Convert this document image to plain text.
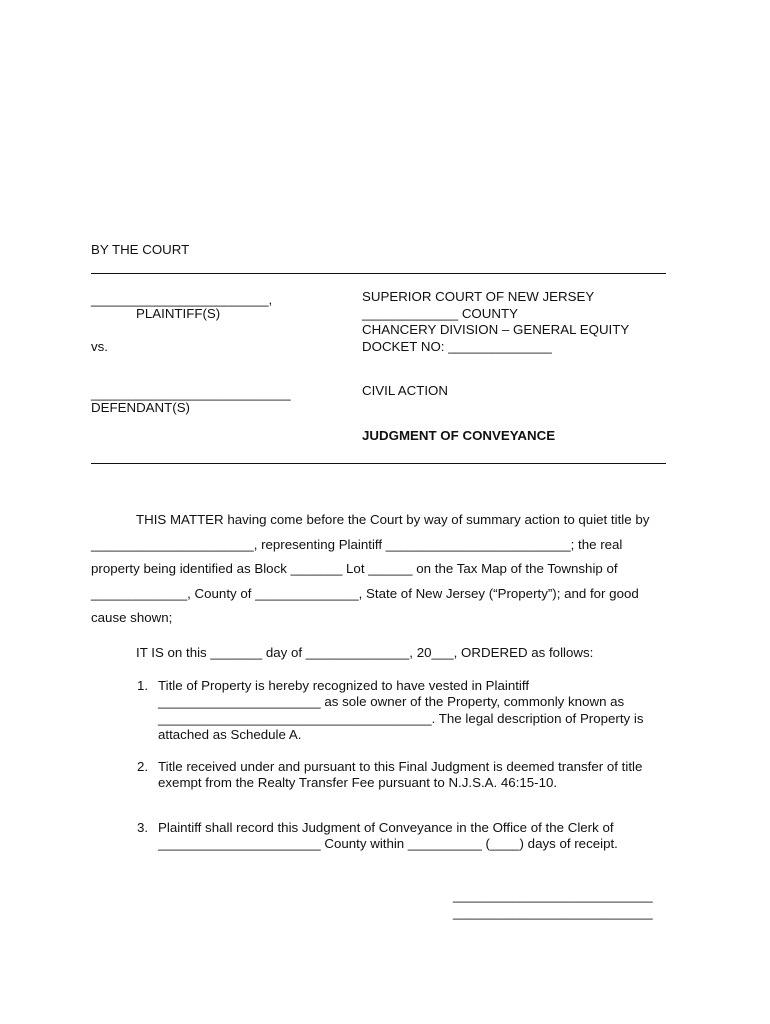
BY THE COURT
________________________,
PLAINTIFF(S)
vs.
___________________________
DEFENDANT(S)
SUPERIOR COURT OF NEW JERSEY
_____________ COUNTY
CHANCERY DIVISION – GENERAL EQUITY
DOCKET NO: ______________
CIVIL ACTION
JUDGMENT OF CONVEYANCE
THIS MATTER having come before the Court by way of summary action to quiet title by
______________________, representing Plaintiff _________________________; the real
property being identified as Block _______ Lot ______ on the Tax Map of the Township of
_____________, County of ______________, State of New Jersey (“Property”); and for good
cause shown;
IT IS on this _______ day of ______________, 20___, ORDERED as follows:
1. Title of Property is hereby recognized to have vested in Plaintiff
______________________ as sole owner of the Property, commonly known as
_____________________________________. The legal description of Property is
attached as Schedule A.
2. Title received under and pursuant to this Final Judgment is deemed transfer of title
exempt from the Realty Transfer Fee pursuant to N.J.S.A. 46:15-10.
3. Plaintiff shall record this Judgment of Conveyance in the Office of the Clerk of
______________________ County within __________ (____) days of receipt.
___________________________
___________________________
